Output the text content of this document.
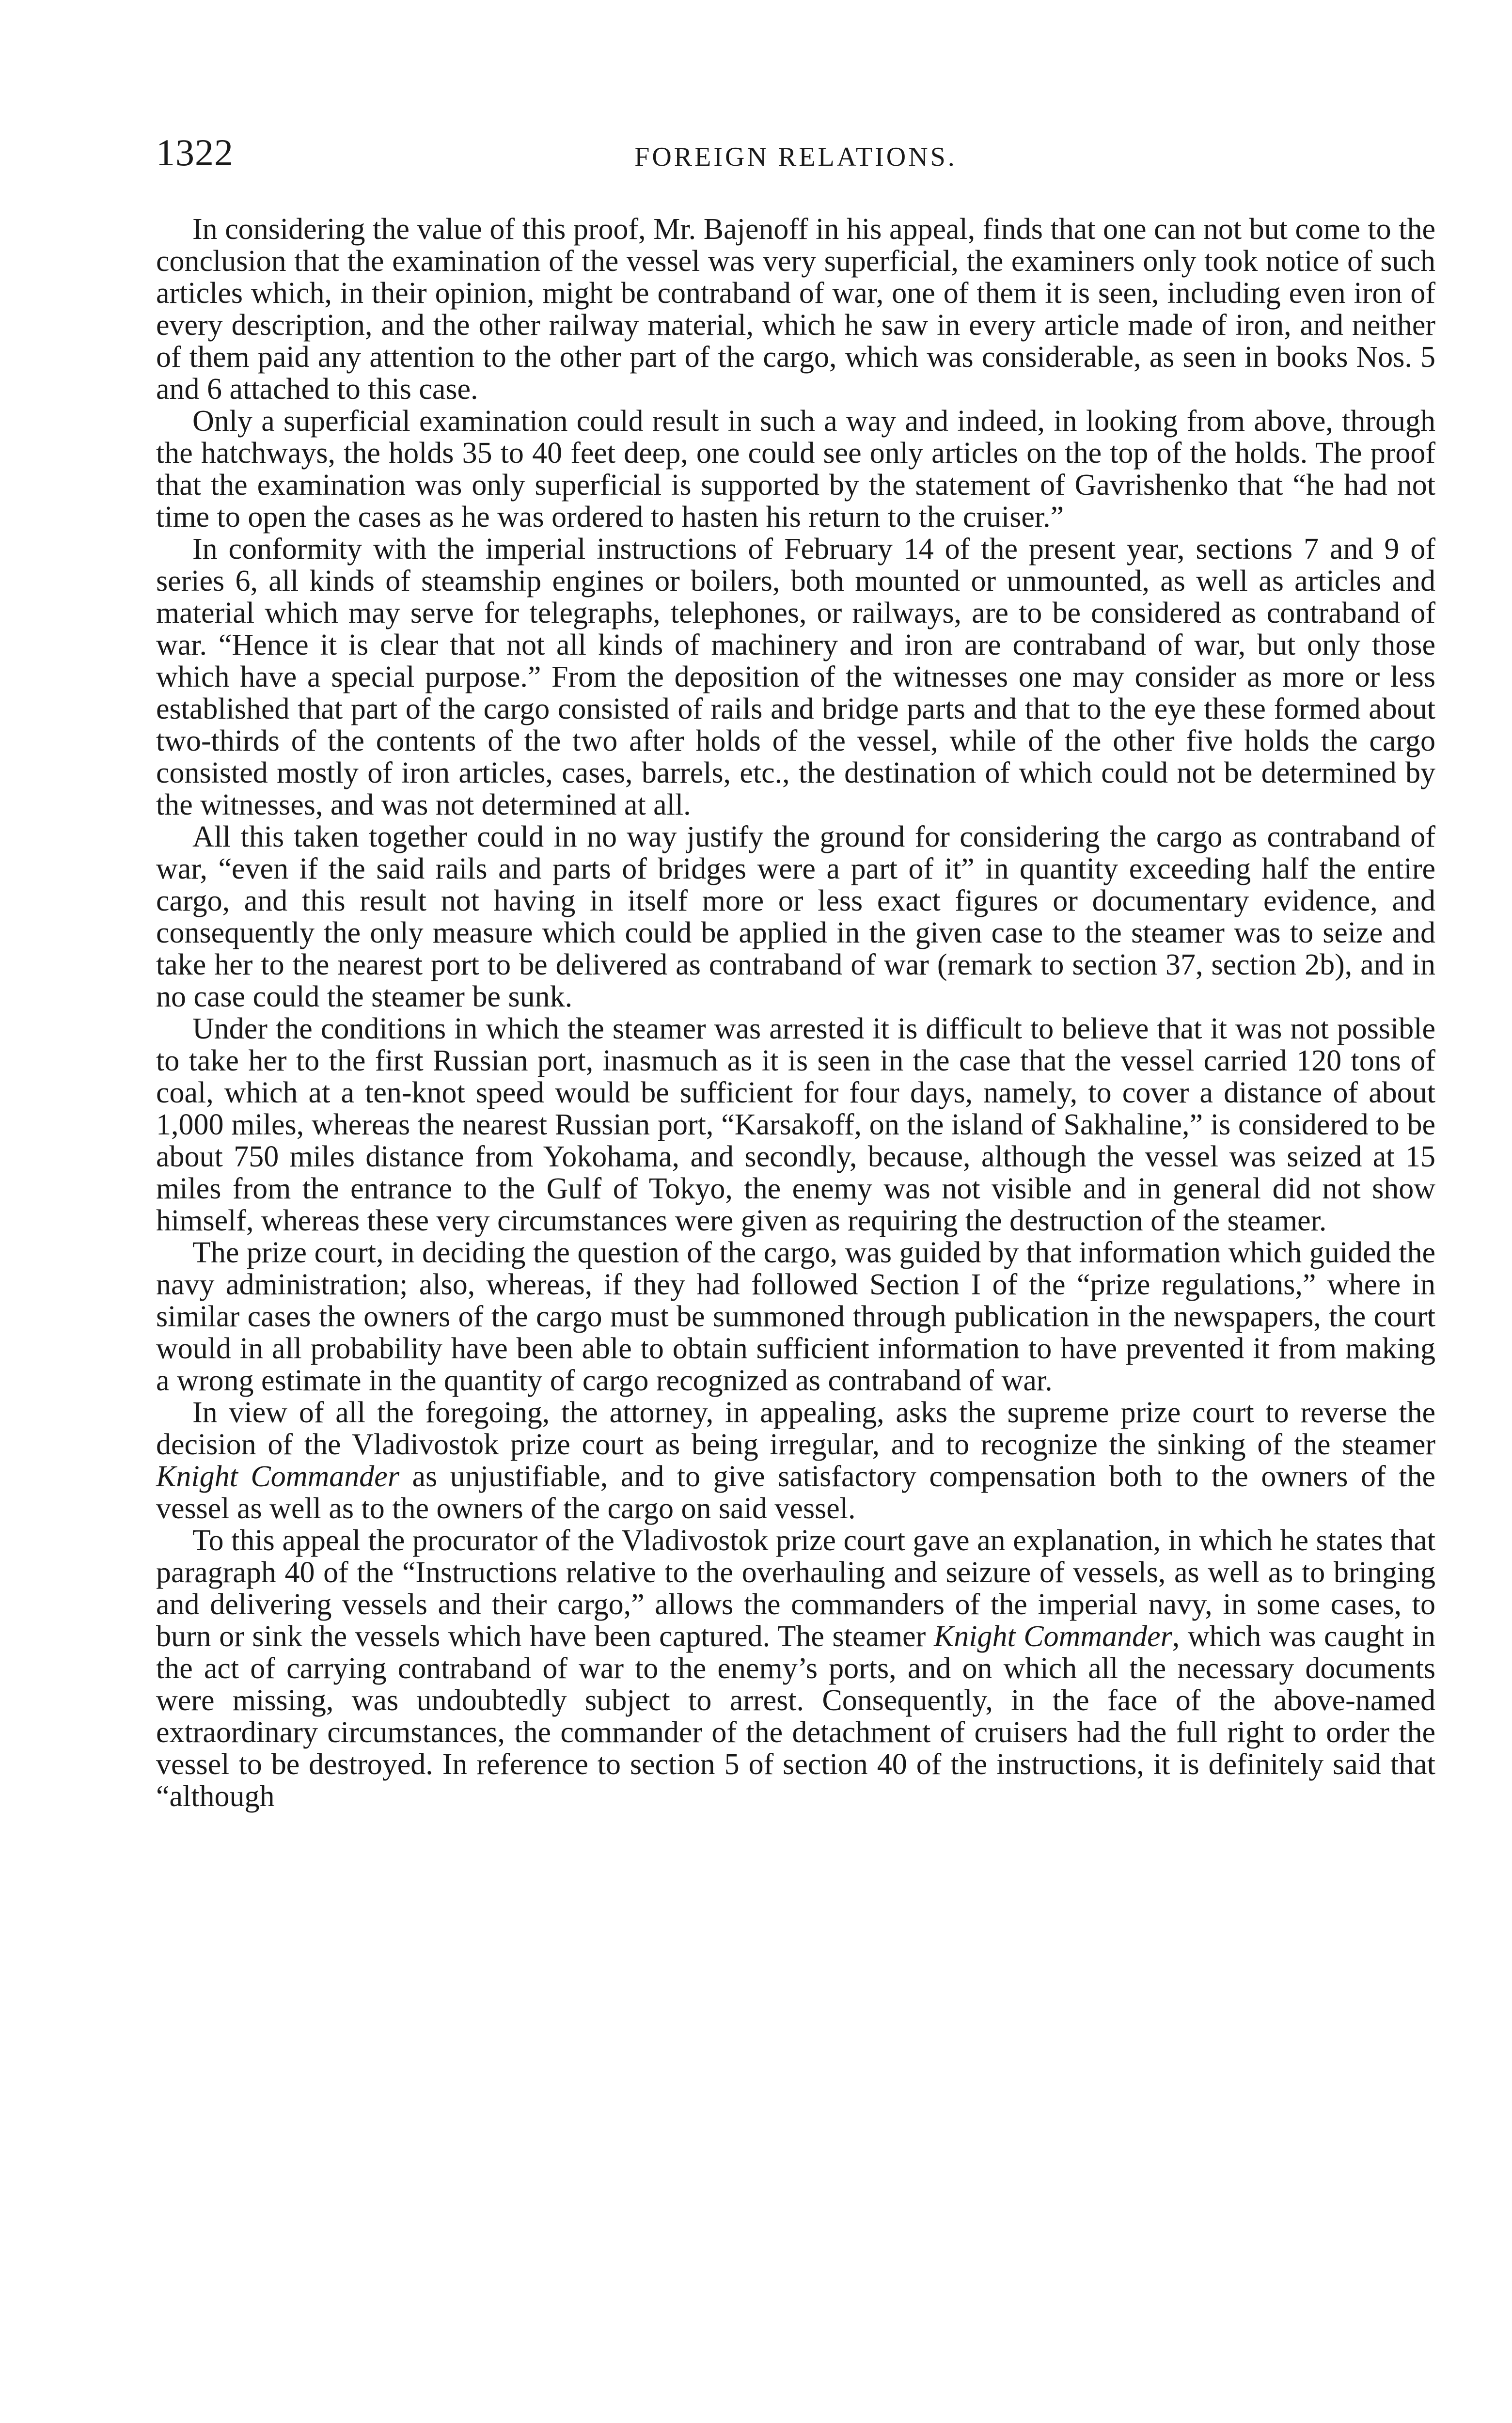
1322	FOREIGN RELATIONS.

In considering the value of this proof, Mr. Bajenoff in his appeal, finds that one can not but come to the conclusion that the examination of the vessel was very superficial, the examiners only took notice of such articles which, in their opinion, might be contraband of war, one of them it is seen, including even iron of every description, and the other railway material, which he saw in every article made of iron, and neither of them paid any attention to the other part of the cargo, which was considerable, as seen in books Nos. 5 and 6 attached to this case.

Only a superficial examination could result in such a way and indeed, in looking from above, through the hatchways, the holds 35 to 40 feet deep, one could see only articles on the top of the holds. The proof that the examination was only superficial is supported by the statement of Gavrishenko that “he had not time to open the cases as he was ordered to hasten his return to the cruiser.”

In conformity with the imperial instructions of February 14 of the present year, sections 7 and 9 of series 6, all kinds of steamship engines or boilers, both mounted or unmounted, as well as articles and material which may serve for telegraphs, telephones, or railways, are to be considered as contraband of war. “Hence it is clear that not all kinds of machinery and iron are contraband of war, but only those which have a special purpose.” From the deposition of the witnesses one may consider as more or less established that part of the cargo consisted of rails and bridge parts and that to the eye these formed about two-thirds of the contents of the two after holds of the vessel, while of the other five holds the cargo consisted mostly of iron articles, cases, barrels, etc., the destination of which could not be determined by the witnesses, and was not determined at all.

All this taken together could in no way justify the ground for considering the cargo as contraband of war, “even if the said rails and parts of bridges were a part of it” in quantity exceeding half the entire cargo, and this result not having in itself more or less exact figures or documentary evidence, and consequently the only measure which could be applied in the given case to the steamer was to seize and take her to the nearest port to be delivered as contraband of war (remark to section 37, section 2b), and in no case could the steamer be sunk.

Under the conditions in which the steamer was arrested it is difficult to believe that it was not possible to take her to the first Russian port, inasmuch as it is seen in the case that the vessel carried 120 tons of coal, which at a ten-knot speed would be sufficient for four days, namely, to cover a distance of about 1,000 miles, whereas the nearest Russian port, “Karsakoff, on the island of Sakhaline,” is considered to be about 750 miles distance from Yokohama, and secondly, because, although the vessel was seized at 15 miles from the entrance to the Gulf of Tokyo, the enemy was not visible and in general did not show himself, whereas these very circumstances were given as requiring the destruction of the steamer.

The prize court, in deciding the question of the cargo, was guided by that information which guided the navy administration; also, whereas, if they had followed Section I of the “prize regulations,” where in similar cases the owners of the cargo must be summoned through publication in the newspapers, the court would in all probability have been able to obtain sufficient information to have prevented it from making a wrong estimate in the quantity of cargo recognized as contraband of war.

In view of all the foregoing, the attorney, in appealing, asks the supreme prize court to reverse the decision of the Vladivostok prize court as being irregular, and to recognize the sinking of the steamer Knight Commander as unjustifiable, and to give satisfactory compensation both to the owners of the vessel as well as to the owners of the cargo on said vessel.

To this appeal the procurator of the Vladivostok prize court gave an explanation, in which he states that paragraph 40 of the “Instructions relative to the overhauling and seizure of vessels, as well as to bringing and delivering vessels and their cargo,” allows the commanders of the imperial navy, in some cases, to burn or sink the vessels which have been captured. The steamer Knight Commander, which was caught in the act of carrying contraband of war to the enemy’s ports, and on which all the necessary documents were missing, was undoubtedly subject to arrest. Consequently, in the face of the above-named extraordinary circumstances, the commander of the detachment of cruisers had the full right to order the vessel to be destroyed. In reference to section 5 of section 40 of the instructions, it is definitely said that “although
